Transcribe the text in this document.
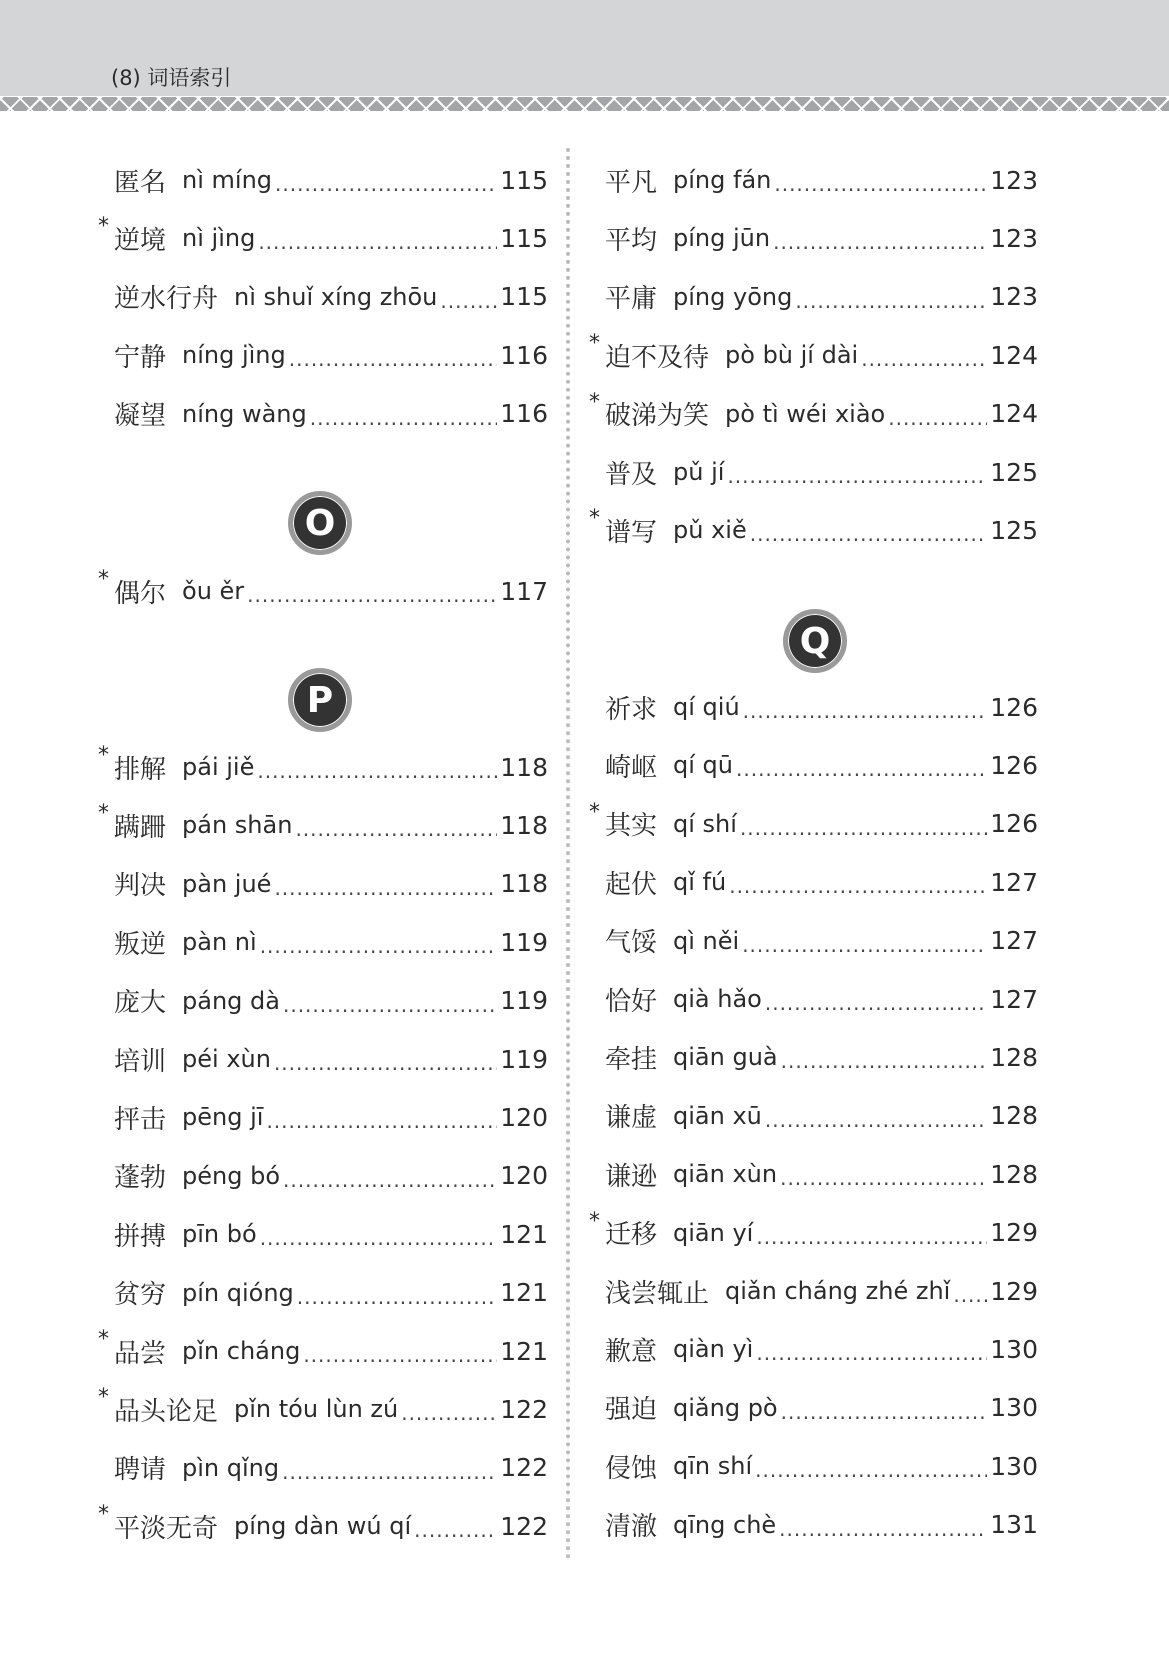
(8) 词语索引
O
P
匿名 nì míng .....	115
* 逆境 nì jìng .....	115
逆水行舟 nì shuǐ xíng zhōu .....	115
宁静 níng jìng .....	116
凝望 níng wàng .....	116
* 偶尔 ǒu ěr .....	117
* 排解 pái jiě .....	118
* 蹒跚 pán shān .....	118
判决 pàn jué .....	118
叛逆 pàn nì .....	119
庞大 páng dà .....	119
培训 péi xùn .....	119
抨击 pēng jī .....	120
蓬勃 péng bó .....	120
拼搏 pīn bó .....	121
贫穷 pín qióng .....	121
* 品尝 pǐn cháng .....	121
* 品头论足 pǐn tóu lùn zú .....	122
聘请 pìn qǐng .....	122
* 平淡无奇 píng dàn wú qí .....	122
Q
平凡 píng fán .....	123
平均 píng jūn .....	123
平庸 píng yōng .....	123
* 迫不及待 pò bù jí dài .....	124
* 破涕为笑 pò tì wéi xiào .....	124
普及 pǔ jí .....	125
* 谱写 pǔ xiě .....	125
祈求 qí qiú .....	126
崎岖 qí qū .....	126
* 其实 qí shí .....	126
起伏 qǐ fú .....	127
气馁 qì něi .....	127
恰好 qià hǎo .....	127
牵挂 qiān guà .....	128
谦虚 qiān xū .....	128
谦逊 qiān xùn .....	128
* 迁移 qiān yí .....	129
浅尝辄止 qiǎn cháng zhé zhǐ ..... 129
歉意 qiàn yì .....	130
强迫 qiǎng pò .....	130
侵蚀 qīn shí .....	130
清澈 qīng chè .....	131
